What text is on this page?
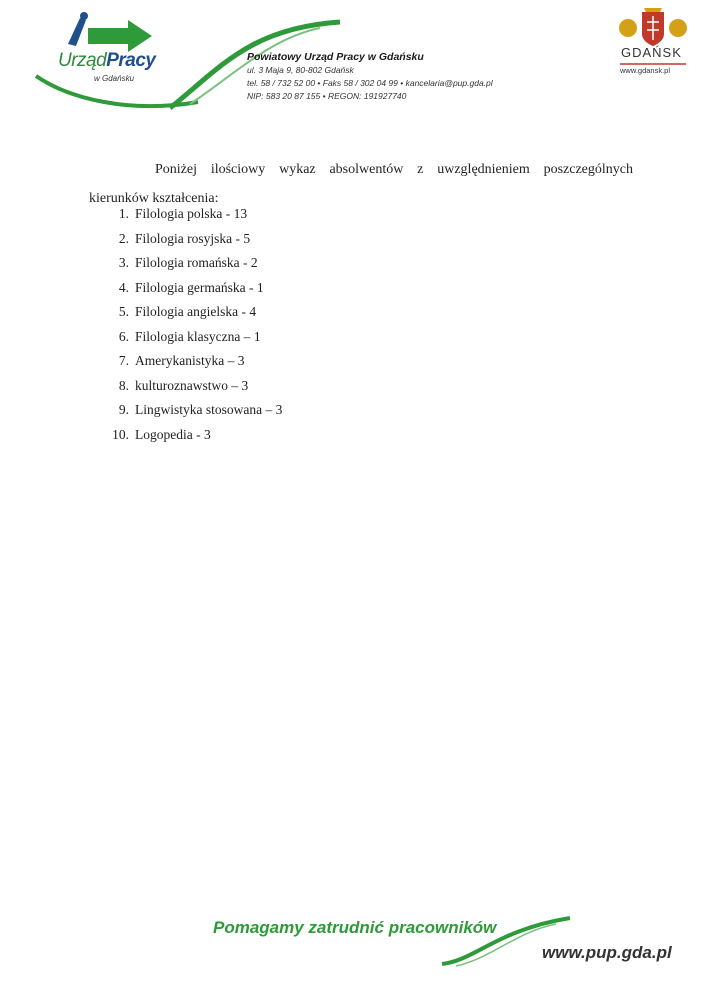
UrządPracy
w Gdańsku
Powiatowy Urząd Pracy w Gdańsku
ul. 3 Maja 9, 80-802 Gdańsk
tel. 58 / 732 52 00 • Faks 58 / 302 04 99 • kancelaria@pup.gda.pl
NIP: 583 20 87 155 • REGON: 191927740
GDAŃSK
www.gdansk.pl

Poniżej ilościowy wykaz absolwentów z uwzględnieniem poszczególnych kierunków kształcenia:

1. Filologia polska - 13
2. Filologia rosyjska - 5
3. Filologia romańska - 2
4. Filologia germańska - 1
5. Filologia angielska - 4
6. Filologia klasyczna – 1
7. Amerykanistyka – 3
8. kulturoznawstwo – 3
9. Lingwistyka stosowana – 3
10. Logopedia - 3
Pomagamy zatrudnić pracowników
www.pup.gda.pl
